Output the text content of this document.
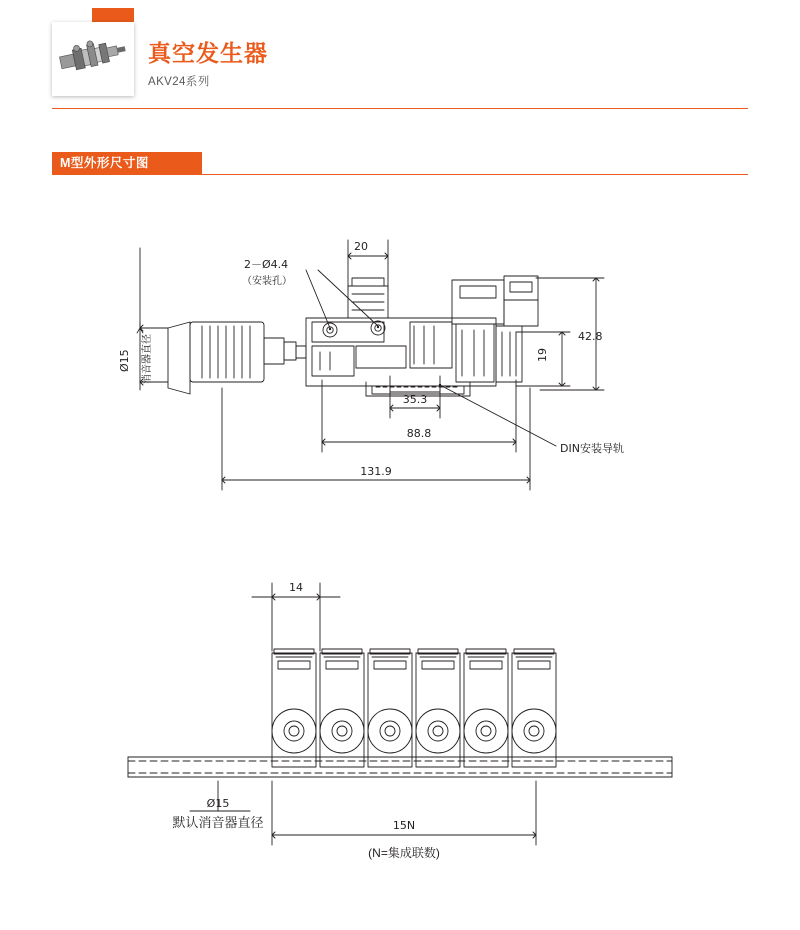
真空发生器
AKV24系列
M型外形尺寸图
Ø15 消音器直径
2－Ø4.4
（安装孔）
20
42.8
19
35.3
88.8
131.9
DIN安装导轨
14
Ø15
默认消音器直径	15N
(N=集成联数)
